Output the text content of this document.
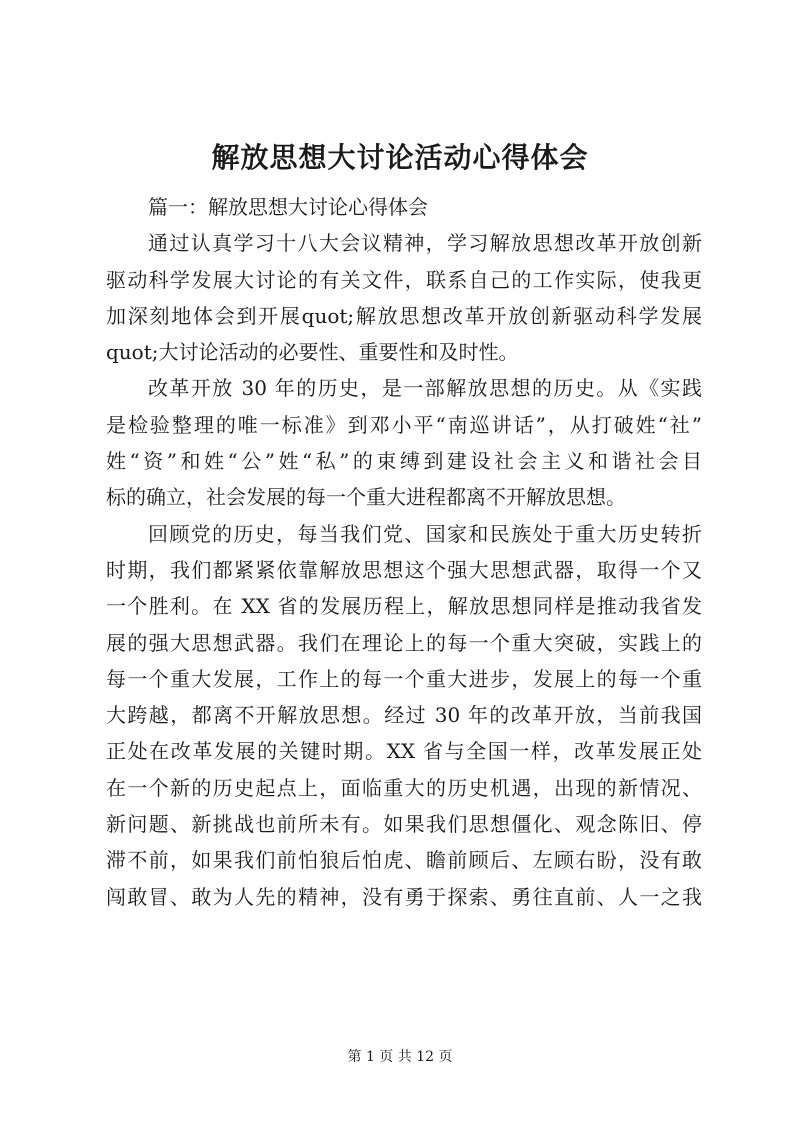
解放思想大讨论活动心得体会
篇一：解放思想大讨论心得体会
通过认真学习十八大会议精神，学习解放思想改革开放创新
驱动科学发展大讨论的有关文件，联系自己的工作实际，使我更
加深刻地体会到开展quot;解放思想改革开放创新驱动科学发展
quot;大讨论活动的必要性、重要性和及时性。
改革开放 30 年的历史，是一部解放思想的历史。从《实践
是检验整理的唯一标准》到邓小平“南巡讲话”，从打破姓“社”
姓“资”和姓“公”姓“私”的束缚到建设社会主义和谐社会目
标的确立，社会发展的每一个重大进程都离不开解放思想。
回顾党的历史，每当我们党、国家和民族处于重大历史转折
时期，我们都紧紧依靠解放思想这个强大思想武器，取得一个又
一个胜利。在 XX 省的发展历程上，解放思想同样是推动我省发
展的强大思想武器。我们在理论上的每一个重大突破，实践上的
每一个重大发展，工作上的每一个重大进步，发展上的每一个重
大跨越，都离不开解放思想。经过 30 年的改革开放，当前我国
正处在改革发展的关键时期。XX 省与全国一样，改革发展正处
在一个新的历史起点上，面临重大的历史机遇，出现的新情况、
新问题、新挑战也前所未有。如果我们思想僵化、观念陈旧、停
滞不前，如果我们前怕狼后怕虎、瞻前顾后、左顾右盼，没有敢
闯敢冒、敢为人先的精神，没有勇于探索、勇往直前、人一之我
第 1 页 共 12 页
